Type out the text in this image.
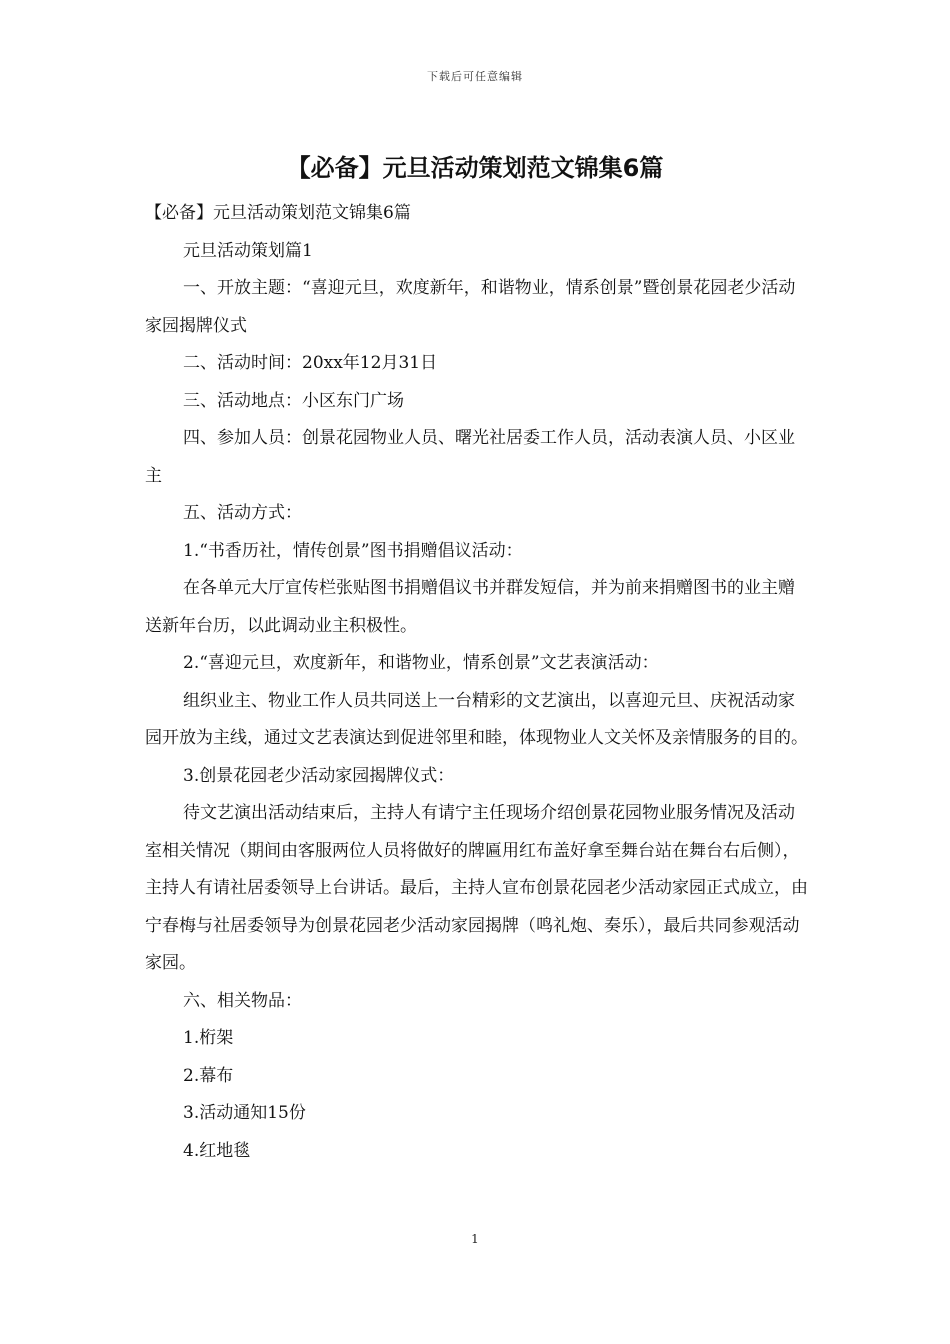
下载后可任意编辑
【必备】元旦活动策划范文锦集6篇

【必备】元旦活动策划范文锦集6篇

元旦活动策划篇1

一、开放主题：“喜迎元旦，欢度新年，和谐物业，情系创景”暨创景花园老少活动家园揭牌仪式

二、活动时间：20xx年12月31日

三、活动地点：小区东门广场

四、参加人员：创景花园物业人员、曙光社居委工作人员，活动表演人员、小区业主

五、活动方式：

1.“书香历社，情传创景”图书捐赠倡议活动：

在各单元大厅宣传栏张贴图书捐赠倡议书并群发短信，并为前来捐赠图书的业主赠送新年台历，以此调动业主积极性。

2.“喜迎元旦，欢度新年，和谐物业，情系创景”文艺表演活动：

组织业主、物业工作人员共同送上一台精彩的文艺演出，以喜迎元旦、庆祝活动家园开放为主线，通过文艺表演达到促进邻里和睦，体现物业人文关怀及亲情服务的目的。

3.创景花园老少活动家园揭牌仪式：

待文艺演出活动结束后，主持人有请宁主任现场介绍创景花园物业服务情况及活动室相关情况（期间由客服两位人员将做好的牌匾用红布盖好拿至舞台站在舞台右后侧），主持人有请社居委领导上台讲话。最后，主持人宣布创景花园老少活动家园正式成立，由宁春梅与社居委领导为创景花园老少活动家园揭牌（鸣礼炮、奏乐），最后共同参观活动家园。

六、相关物品：

1.桁架

2.幕布

3.活动通知15份

4.红地毯

1
